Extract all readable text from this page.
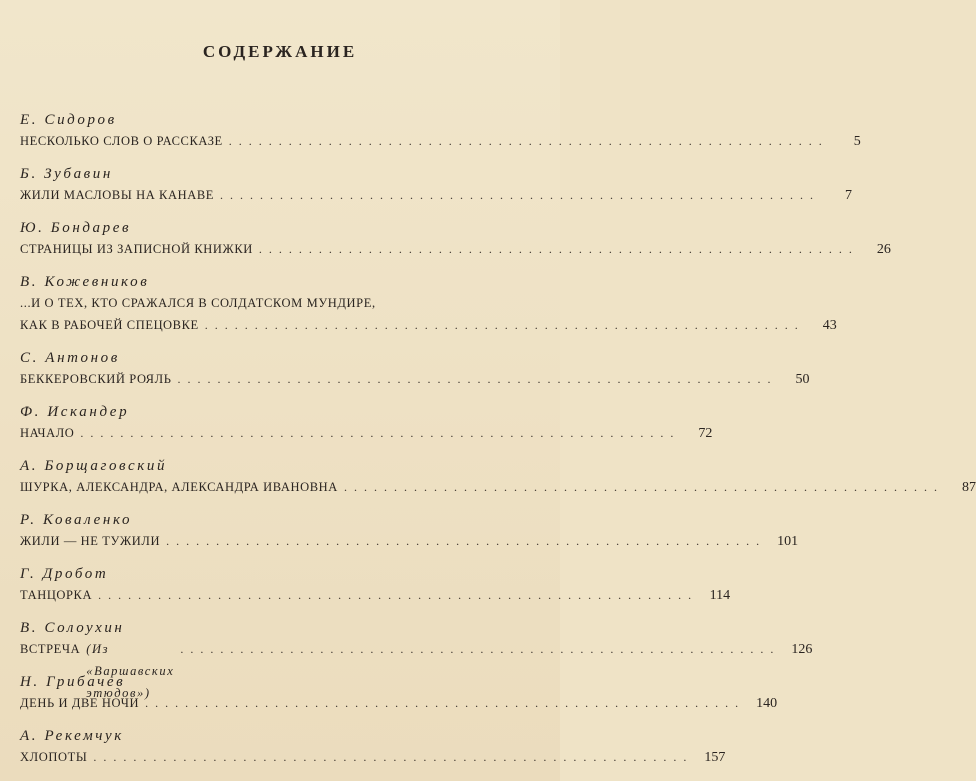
СОДЕРЖАНИЕ
Е. Сидоров
НЕСКОЛЬКО СЛОВ О РАССКАЗЕ ............................................................	5
Б. Зубавин
ЖИЛИ МАСЛОВЫ НА КАНАВЕ ............................................................	7
Ю. Бондарев
СТРАНИЦЫ ИЗ ЗАПИСНОЙ КНИЖКИ ............................................................	26
В. Кожевников
...И О ТЕХ, КТО СРАЖАЛСЯ В СОЛДАТСКОМ МУНДИРЕ,
КАК В РАБОЧЕЙ СПЕЦОВКЕ ............................................................	43
С. Антонов
БЕККЕРОВСКИЙ РОЯЛЬ ............................................................	50
Ф. Искандер
НАЧАЛО ............................................................	72
А. Борщаговский
ШУРКА, АЛЕКСАНДРА, АЛЕКСАНДРА ИВАНОВНА ............................................................	87
Р. Коваленко
ЖИЛИ — НЕ ТУЖИЛИ ............................................................ 101
Г. Дробот
ТАНЦОРКА ............................................................ 114
В. Солоухин
ВСТРЕЧА (Из «Варшавских этюдов»)
............................................................ 126
Н. Грибачев
ДЕНЬ И ДВЕ НОЧИ ............................................................ 140
А. Рекемчук
ХЛОПОТЫ ............................................................ 157
